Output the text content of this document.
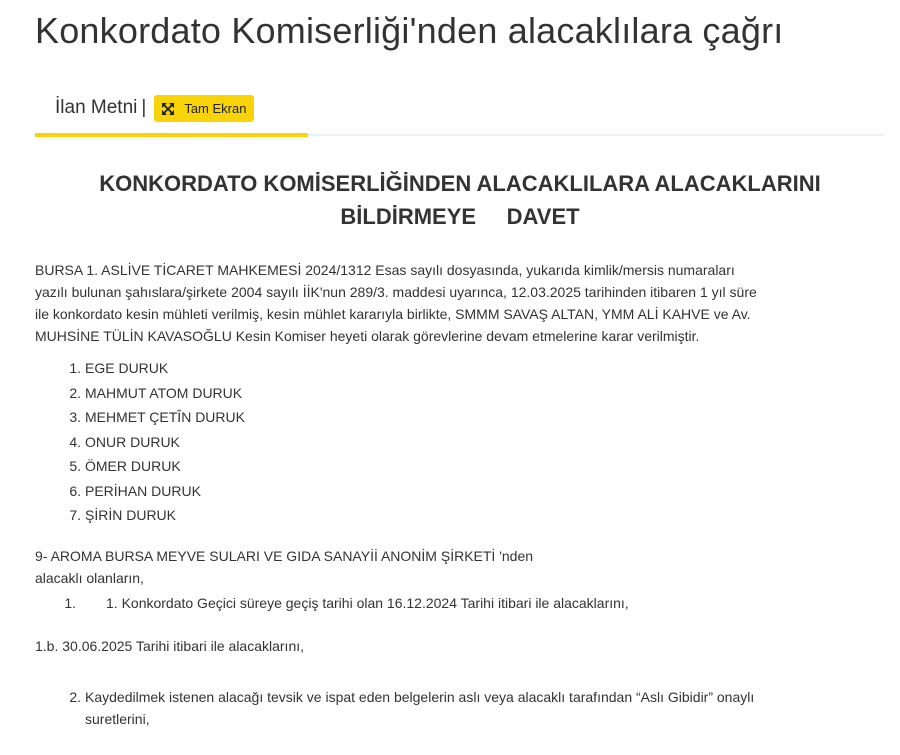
Konkordato Komiserliği'nden alacaklılara çağrı
İlan Metni |	Tam Ekran
KONKORDATO KOMİSERLİĞİNDEN ALACAKLILARA ALACAKLARINI
BİLDİRMEYE     DAVET

BURSA 1. ASLİVE TİCARET MAHKEMESİ 2024/1312 Esas sayılı dosyasında, yukarıda kimlik/mersis numaraları
yazılı bulunan şahıslara/şirkete 2004 sayılı İİK'nun 289/3. maddesi uyarınca, 12.03.2025 tarihinden itibaren 1 yıl süre
ile konkordato kesin mühleti verilmiş, kesin mühlet kararıyla birlikte, SMMM SAVAŞ ALTAN, YMM ALİ KAHVE ve Av.
MUHSİNE TÜLİN KAVASOĞLU Kesin Komiser heyeti olarak görevlerine devam etmelerine karar verilmiştir.

1. EGE DURUK
2. MAHMUT ATOM DURUK
3. MEHMET ÇETÎN DURUK
4. ONUR DURUK
5. ÖMER DURUK
6. PERİHAN DURUK
7. ŞİRİN DURUK

9- AROMA BURSA MEYVE SULARI VE GIDA SANAYİİ ANONİM ŞİRKETİ 'nden
alacaklı olanların,

1. 1. Konkordato Geçici süreye geçiş tarihi olan 16.12.2024 Tarihi itibari ile alacaklarını,
1.b. 30.06.2025 Tarihi itibari ile alacaklarını,
2. Kaydedilmek istenen alacağı tevsik ve ispat eden belgelerin aslı veya alacaklı tarafından “Aslı Gibidir” onaylı
suretlerini,
